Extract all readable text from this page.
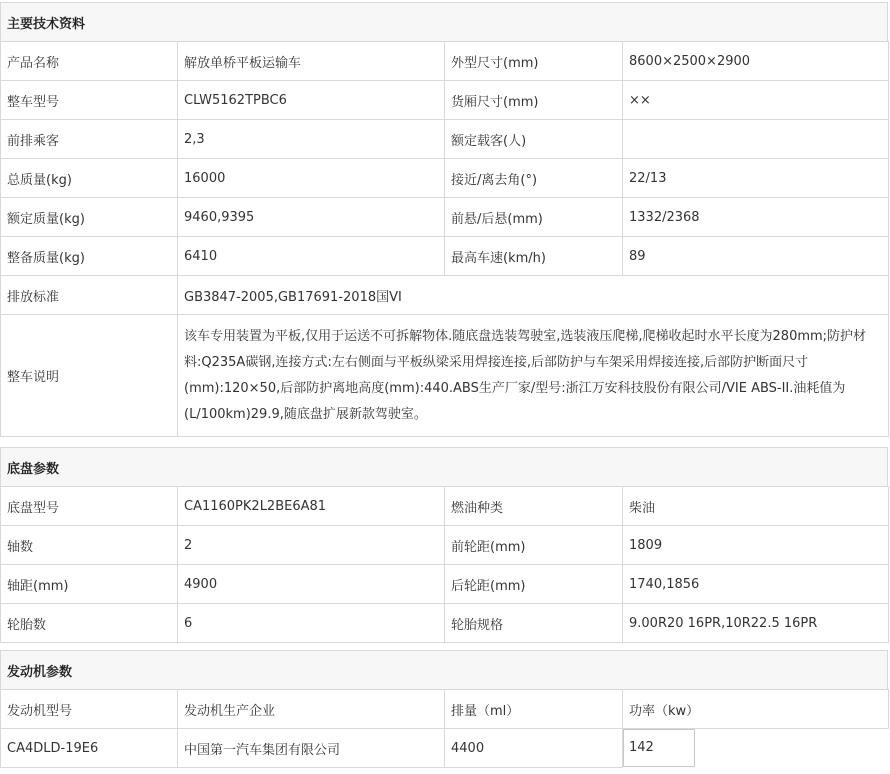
主要技术资料
产品名称	解放单桥平板运输车	外型尺寸(mm)	8600×2500×2900
整车型号	CLW5162TPBC6	货厢尺寸(mm)	××
前排乘客	2,3	额定载客(人)	
总质量(kg)	16000	接近/离去角(°)	22/13
额定质量(kg)	9460,9395	前悬/后悬(mm)	1332/2368
整备质量(kg)	6410	最高车速(km/h)	89
排放标准	GB3847-2005,GB17691-2018国VI		
整车说明	该车专用装置为平板,仅用于运送不可拆解物体.随底盘选装驾驶室,选装液压爬梯,爬梯收起时水平长度为280mm;防护材料:Q235A碳钢,连接方式:左右侧面与平板纵梁采用焊接连接,后部防护与车架采用焊接连接,后部防护断面尺寸(mm):120×50,后部防护离地高度(mm):440.ABS生产厂家/型号:浙江万安科技股份有限公司/VIE ABS-II.油耗值为(L/100km)29.9,随底盘扩展新款驾驶室。		
底盘参数
底盘型号	CA1160PK2L2BE6A81	燃油种类	柴油
轴数	2	前轮距(mm)	1809
轴距(mm)	4900	后轮距(mm)	1740,1856
轮胎数	6	轮胎规格	9.00R20 16PR,10R22.5 16PR
发动机参数
发动机型号	发动机生产企业	排量（ml）	功率（kw）
CA4DLD-19E6	中国第一汽车集团有限公司	4400	142
